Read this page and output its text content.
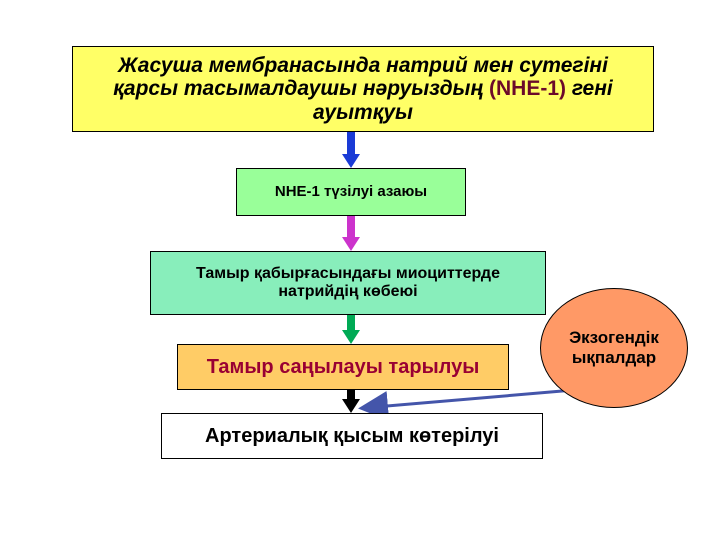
Жасуша мембранасында натрий мен сутегіні
қарсы тасымалдаушы нәруыздың (NHE-1) гені
ауытқуы
NHE-1 түзілуі азаюы
Тамыр қабырғасындағы миоциттерде
натрийдің көбеюі
Тамыр саңылауы тарылуы
Артериалық қысым көтерілуі
Экзогендік
ықпалдар
